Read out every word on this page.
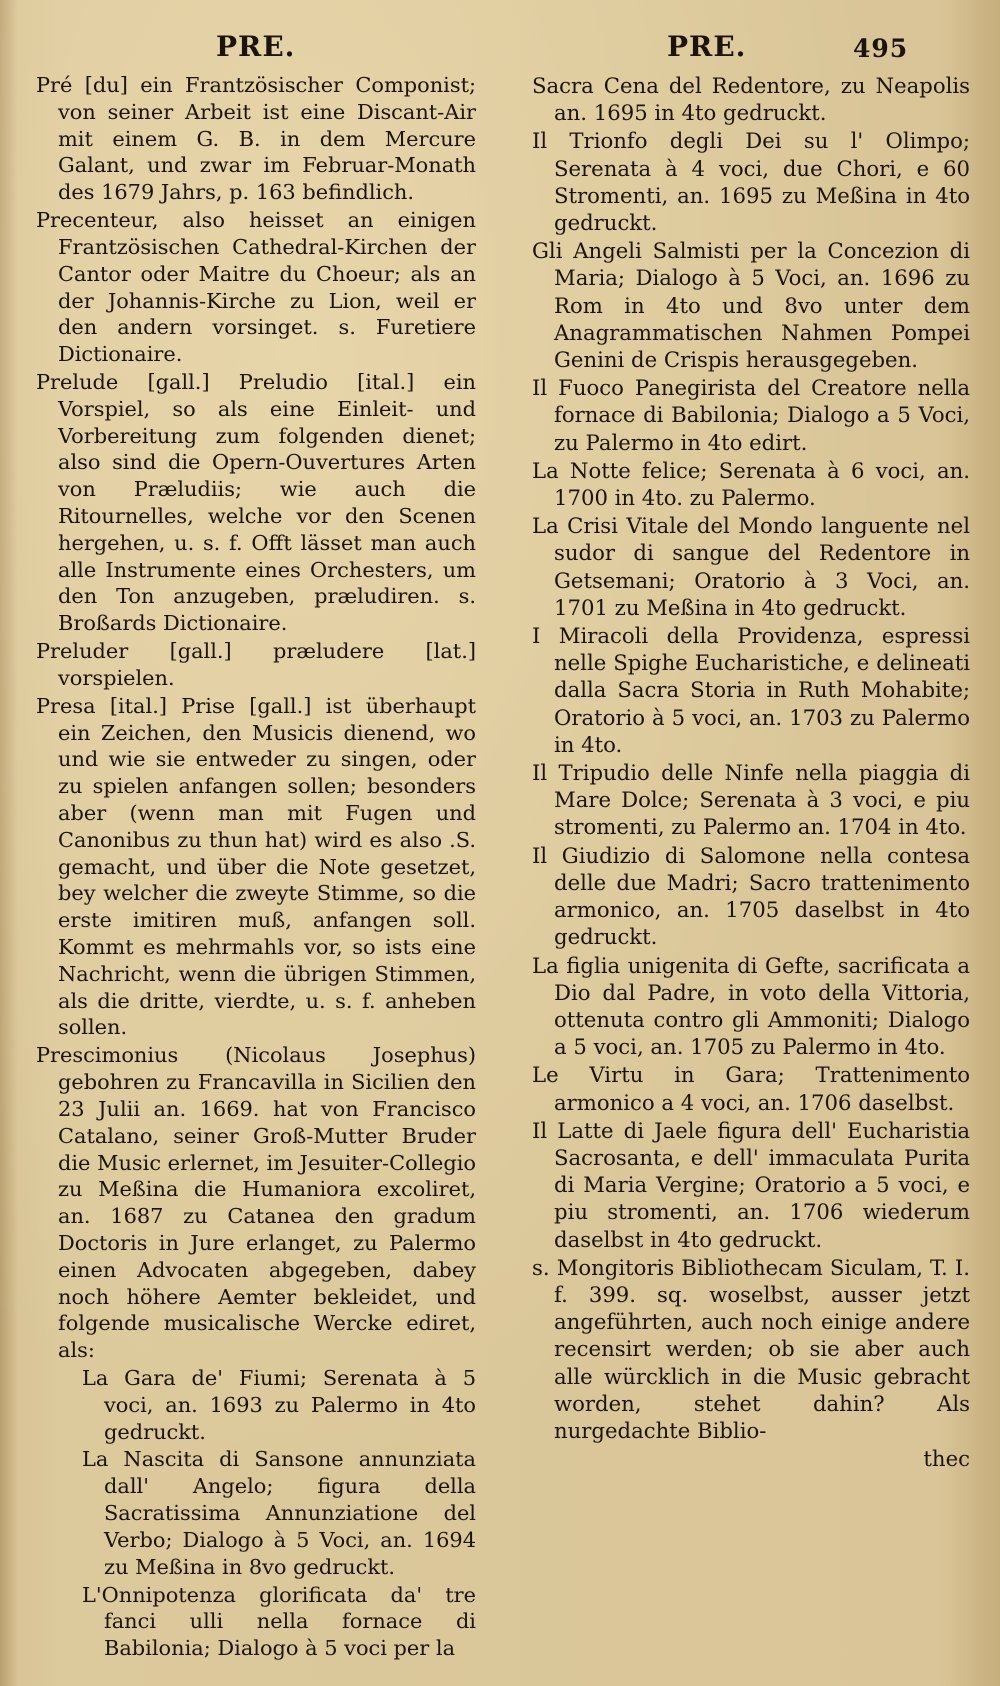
PRE.	PRE.	495

Pré [du] ein Frantzösischer Componist; von seiner Arbeit ist eine Discant-Air mit einem G. B. in dem Mercure Galant, und zwar im Februar-Monath des 1679 Jahrs, p. 163 befindlich.

Precenteur, also heisset an einigen Frantzösischen Cathedral-Kirchen der Cantor oder Maitre du Choeur; als an der Johannis-Kirche zu Lion, weil er den andern vorsinget. s. Furetiere Dictionaire.

Prelude [gall.] Preludio [ital.] ein Vorspiel, so als eine Einleit- und Vorbereitung zum folgenden dienet; also sind die Opern-Ouvertures Arten von Præludiis; wie auch die Ritournelles, welche vor den Scenen hergehen, u. s. f. Offt lässet man auch alle Instrumente eines Orchesters, um den Ton anzugeben, præludiren. s. Broßards Dictionaire.

Preluder [gall.] præludere [lat.] vorspielen.

Presa [ital.] Prise [gall.] ist überhaupt ein Zeichen, den Musicis dienend, wo und wie sie entweder zu singen, oder zu spielen anfangen sollen; besonders aber (wenn man mit Fugen und Canonibus zu thun hat) wird es also .S. gemacht, und über die Note gesetzet, bey welcher die zweyte Stimme, so die erste imitiren muß, anfangen soll. Kommt es mehrmahls vor, so ists eine Nachricht, wenn die übrigen Stimmen, als die dritte, vierdte, u. s. f. anheben sollen.

Prescimonius (Nicolaus Josephus) gebohren zu Francavilla in Sicilien den 23 Julii an. 1669. hat von Francisco Catalano, seiner Groß-Mutter Bruder die Music erlernet, im Jesuiter-Collegio zu Meßina die Humaniora excoliret, an. 1687 zu Catanea den gradum Doctoris in Jure erlanget, zu Palermo einen Advocaten abgegeben, dabey noch höhere Aemter bekleidet, und folgende musicalische Wercke ediret, als:

La Gara de' Fiumi; Serenata à 5 voci, an. 1693 zu Palermo in 4to gedruckt.

La Nascita di Sansone annunziata dall' Angelo; figura della Sacratissima Annunziatione del Verbo; Dialogo à 5 Voci, an. 1694 zu Meßina in 8vo gedruckt.

L'Onnipotenza glorificata da' tre fanci ulli nella fornace di Babilonia; Dialogo à 5 voci per la

Sacra Cena del Redentore, zu Neapolis an. 1695 in 4to gedruckt.

Il Trionfo degli Dei su l' Olimpo; Serenata à 4 voci, due Chori, e 60 Stromenti, an. 1695 zu Meßina in 4to gedruckt.

Gli Angeli Salmisti per la Concezion di Maria; Dialogo à 5 Voci, an. 1696 zu Rom in 4to und 8vo unter dem Anagrammatischen Nahmen Pompei Genini de Crispis herausgegeben.

Il Fuoco Panegirista del Creatore nella fornace di Babilonia; Dialogo a 5 Voci, zu Palermo in 4to edirt.

La Notte felice; Serenata à 6 voci, an. 1700 in 4to. zu Palermo.

La Crisi Vitale del Mondo languente nel sudor di sangue del Redentore in Getsemani; Oratorio à 3 Voci, an. 1701 zu Meßina in 4to gedruckt.

I Miracoli della Providenza, espressi nelle Spighe Eucharistiche, e delineati dalla Sacra Storia in Ruth Mohabite; Oratorio à 5 voci, an. 1703 zu Palermo in 4to.

Il Tripudio delle Ninfe nella piaggia di Mare Dolce; Serenata à 3 voci, e piu stromenti, zu Palermo an. 1704 in 4to.

Il Giudizio di Salomone nella contesa delle due Madri; Sacro trattenimento armonico, an. 1705 daselbst in 4to gedruckt.

La figlia unigenita di Gefte, sacrificata a Dio dal Padre, in voto della Vittoria, ottenuta contro gli Ammoniti; Dialogo a 5 voci, an. 1705 zu Palermo in 4to.

Le Virtu in Gara; Trattenimento armonico a 4 voci, an. 1706 daselbst.

Il Latte di Jaele figura dell' Eucharistia Sacrosanta, e dell' immaculata Purita di Maria Vergine; Oratorio a 5 voci, e piu stromenti, an. 1706 wiederum daselbst in 4to gedruckt.

s. Mongitoris Bibliothecam Siculam, T. I. f. 399. sq. woselbst, ausser jetzt angeführten, auch noch einige andere recensirt werden; ob sie aber auch alle würcklich in die Music gebracht worden, stehet dahin? Als nurgedachte Biblio-

thec
